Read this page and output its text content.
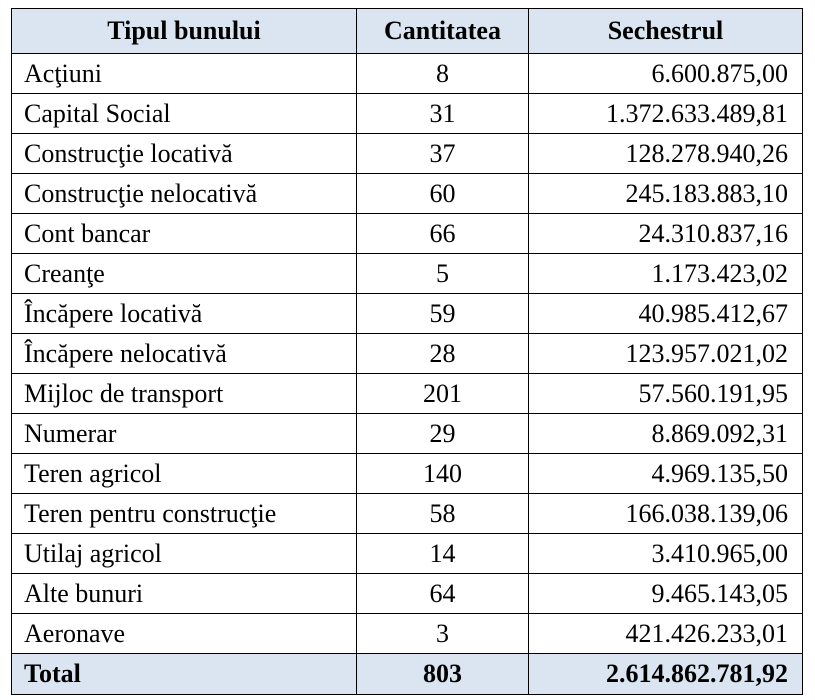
Tipul bunului	Cantitatea	Sechestrul
Acţiuni	8	6.600.875,00
Capital Social	31	1.372.633.489,81
Construcţie locativă	37	128.278.940,26
Construcţie nelocativă	60	245.183.883,10
Cont bancar	66	24.310.837,16
Creanţe	5	1.173.423,02
Încăpere locativă	59	40.985.412,67
Încăpere nelocativă	28	123.957.021,02
Mijloc de transport	201	57.560.191,95
Numerar	29	8.869.092,31
Teren agricol	140	4.969.135,50
Teren pentru construcţie	58	166.038.139,06
Utilaj agricol	14	3.410.965,00
Alte bunuri	64	9.465.143,05
Aeronave	3	421.426.233,01
Total	803	2.614.862.781,92
